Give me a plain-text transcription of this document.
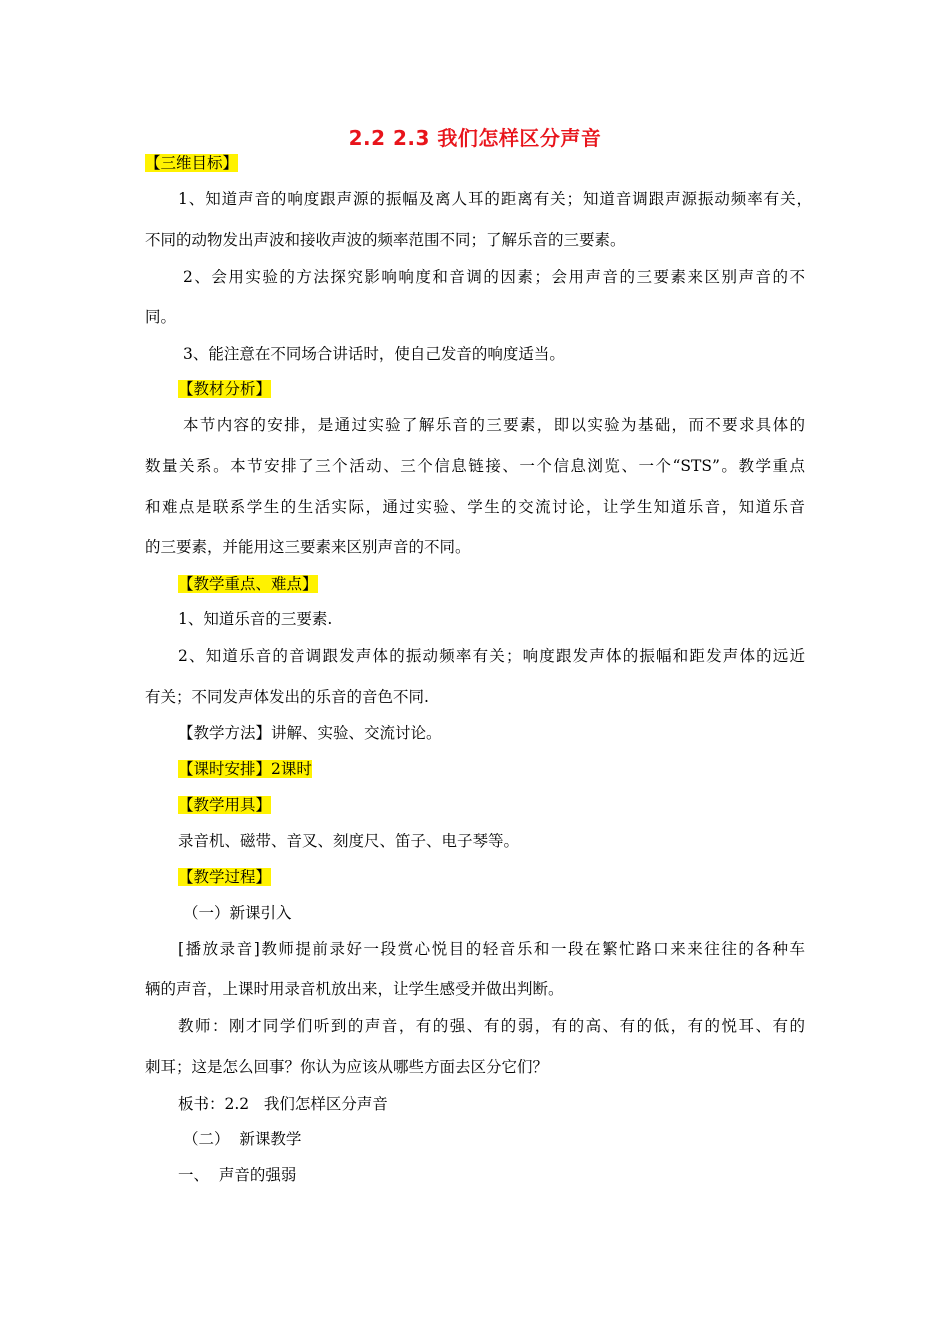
2.2 2.3 我们怎样区分声音
【三维目标】
1、知道声音的响度跟声源的振幅及离人耳的距离有关；知道音调跟声源振动频率有关，
不同的动物发出声波和接收声波的频率范围不同；了解乐音的三要素。
2、会用实验的方法探究影响响度和音调的因素；会用声音的三要素来区别声音的不
同。
3、能注意在不同场合讲话时，使自己发音的响度适当。
【教材分析】
本节内容的安排，是通过实验了解乐音的三要素，即以实验为基础，而不要求具体的
数量关系。本节安排了三个活动、三个信息链接、一个信息浏览、一个“STS”。教学重点
和难点是联系学生的生活实际，通过实验、学生的交流讨论，让学生知道乐音，知道乐音
的三要素，并能用这三要素来区别声音的不同。
【教学重点、难点】
1、知道乐音的三要素.
2、知道乐音的音调跟发声体的振动频率有关；响度跟发声体的振幅和距发声体的远近
有关；不同发声体发出的乐音的音色不同.
【教学方法】讲解、实验、交流讨论。
【课时安排】2课时
【教学用具】
录音机、磁带、音叉、刻度尺、笛子、电子琴等。
【教学过程】
（一）新课引入
[播放录音]教师提前录好一段赏心悦目的轻音乐和一段在繁忙路口来来往往的各种车
辆的声音，上课时用录音机放出来，让学生感受并做出判断。
教师：刚才同学们听到的声音，有的强、有的弱，有的高、有的低，有的悦耳、有的
刺耳；这是怎么回事？你认为应该从哪些方面去区分它们？
板书：2.2   我们怎样区分声音
（二）  新课教学
一、  声音的强弱
